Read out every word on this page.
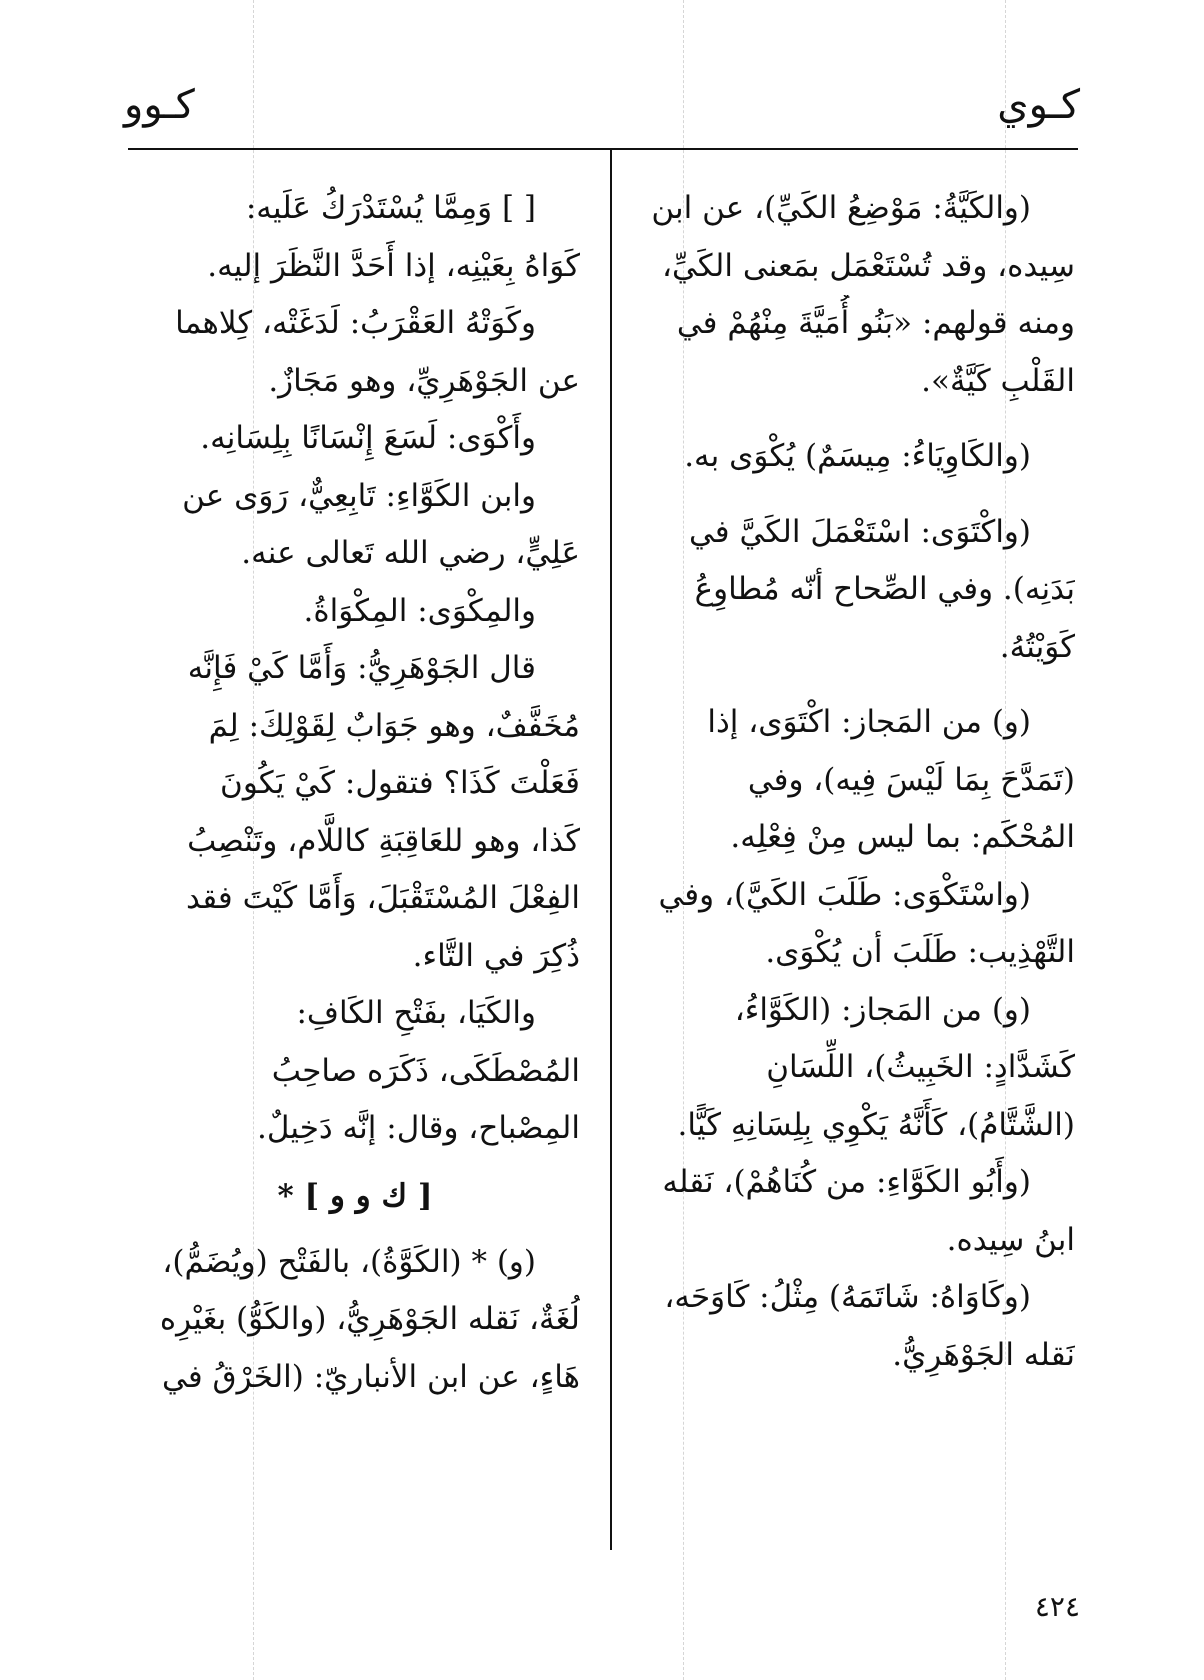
كـوي
كـوو
(والكَيَّةُ: مَوْضِعُ الكَيِّ)، عن ابن
سِيده، وقد تُسْتَعْمَل بمَعنى الكَيِّ،
ومنه قولهم: «بَنُو أُمَيَّةَ مِنْهُمْ في
القَلْبِ كَيَّةٌ».
(والكَاوِيَاءُ: مِيسَمٌ) يُكْوَى به.
(واكْتَوَى: اسْتَعْمَلَ الكَيَّ في
بَدَنِه). وفي الصِّحاح أنّه مُطاوِعُ
كَوَيْتُهُ.
(و) من المَجاز: اكْتَوَى، إذا
(تَمَدَّحَ بِمَا لَيْسَ فِيه)، وفي
المُحْكَم: بما ليس مِنْ فِعْلِه.
(واسْتَكْوَى: طَلَبَ الكَيَّ)، وفي
التَّهْذِيب: طَلَبَ أن يُكْوَى.
(و) من المَجاز: (الكَوَّاءُ،
كَشَدَّادٍ: الخَبِيثُ)، اللِّسَانِ
(الشَّتَّامُ)، كَأَنَّهُ يَكْوِي بِلِسَانِهِ كَيًّا.
(وأَبُو الكَوَّاءِ: من كُنَاهُمْ)، نَقله
ابنُ سِيده.
(وكَاوَاهُ: شَاتَمَهُ) مِثْلُ: كَاوَحَه،
نَقله الجَوْهَرِيُّ.
[ ] وَمِمَّا يُسْتَدْرَكُ عَلَيه:
كَوَاهُ بِعَيْنِه، إذا أَحَدَّ النَّظَرَ إليه.
وكَوَتْهُ العَقْرَبُ: لَدَغَتْه، كِلاهما
عن الجَوْهَرِيِّ، وهو مَجَازٌ.
وأَكْوَى: لَسَعَ إِنْسَانًا بِلِسَانِه.
وابن الكَوَّاءِ: تَابِعِيٌّ، رَوَى عن
عَلِيٍّ، رضي الله تَعالى عنه.
والمِكْوَى: المِكْوَاةُ.
قال الجَوْهَرِيُّ: وَأَمَّا كَيْ فَإِنَّه
مُخَفَّفٌ، وهو جَوَابٌ لِقَوْلِكَ: لِمَ
فَعَلْتَ كَذَا؟ فتقول: كَيْ يَكُونَ
كَذا، وهو للعَاقِبَةِ كاللَّام، وتَنْصِبُ
الفِعْلَ المُسْتَقْبَلَ، وَأَمَّا كَيْتَ فقد
ذُكِرَ في التَّاء.
والكَيَا، بفَتْحِ الكَافِ:
المُصْطَكَى، ذَكَرَه صاحِبُ
المِصْباح، وقال: إنَّه دَخِيلٌ.
[ ك و و ] *
(و) * (الكَوَّةُ)، بالفَتْح (ويُضَمُّ)،
لُغَةٌ، نَقله الجَوْهَرِيُّ، (والكَوُّ) بغَيْرِه
هَاءٍ، عن ابن الأنباريّ: (الخَرْقُ في
٤٢٤
